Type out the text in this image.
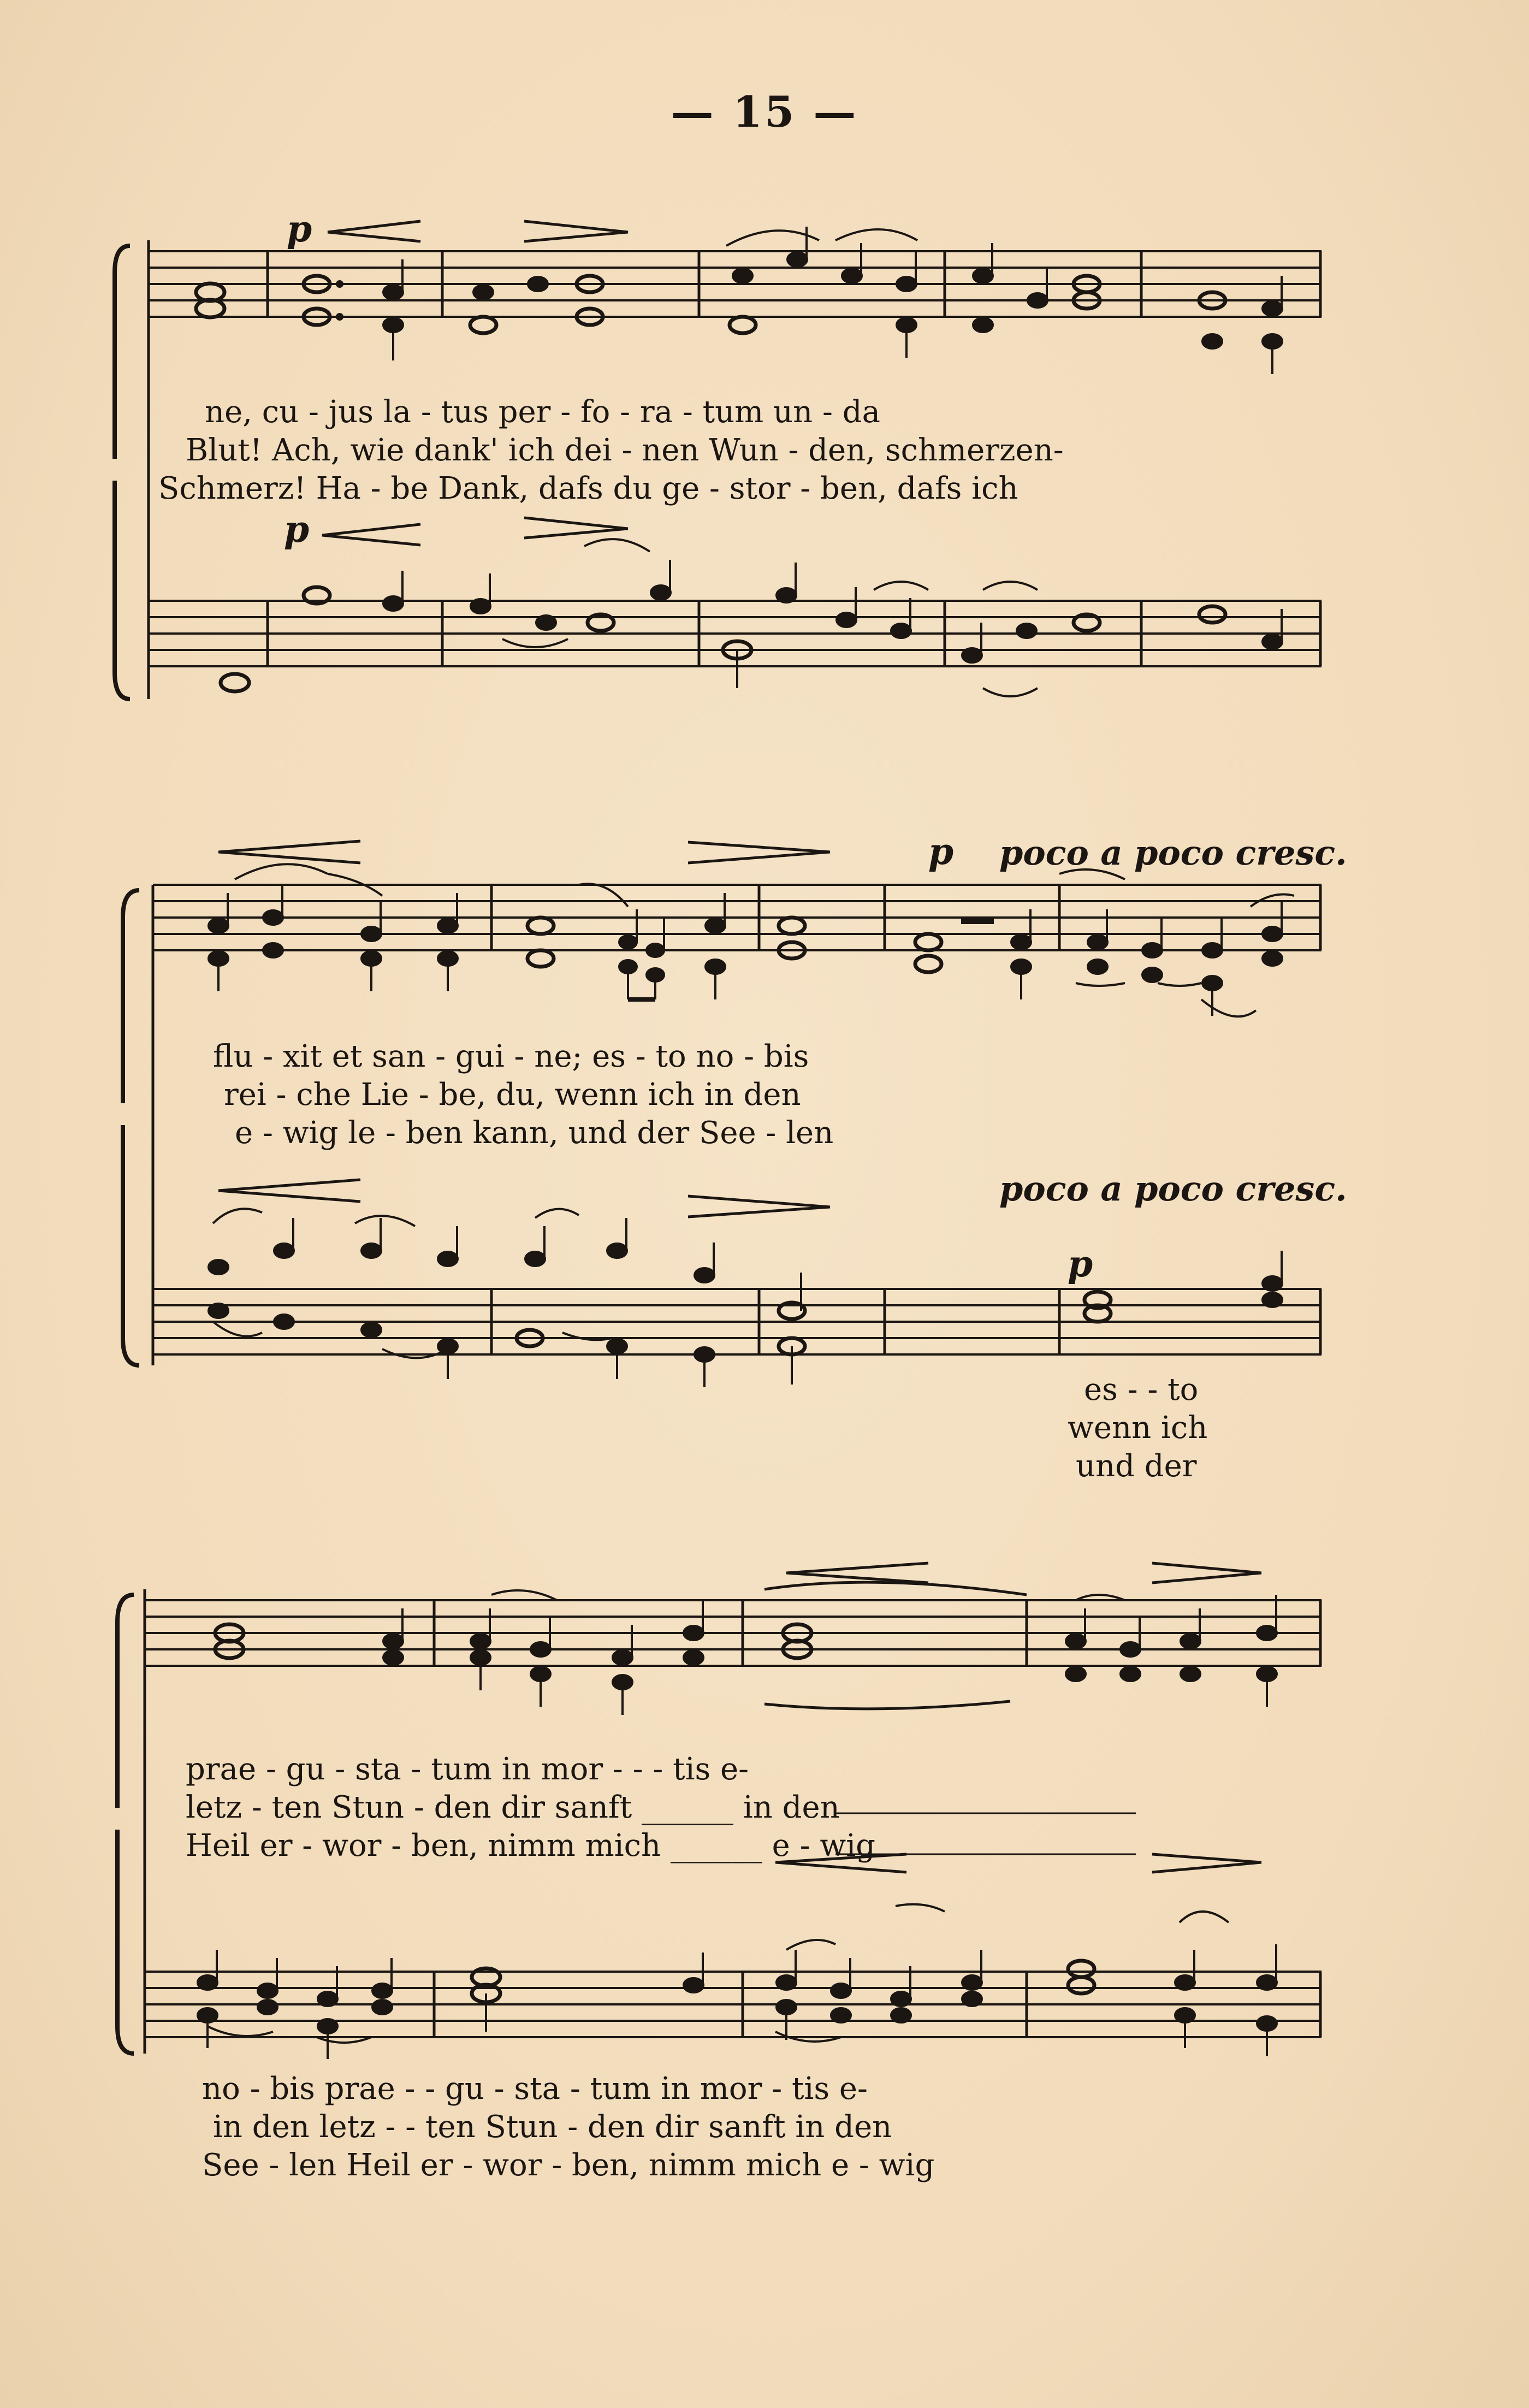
— 15 —
p
p
ne, cu - jus la - tus per - fo - ra - tum un - da
Blut! Ach, wie dank' ich dei - nen Wun - den, schmerzen-
Schmerz! Ha - be Dank, dafs du ge - stor - ben, dafs ich
p poco a poco cresc.
flu - xit et san - gui - ne; es - to no - bis
rei - che Lie - be, du, wenn ich in den
e - wig le - ben kann, und der See - len
poco a poco cresc.
p
es - - to
wenn ich
und der
prae - gu - sta - tum in mor - - - tis e-
letz - ten Stun - den dir sanft ______ in den
Heil er - wor - ben, nimm mich ______ e - wig
no - bis prae - - gu - sta - tum in mor - tis e-
in den letz - - ten Stun - den dir sanft in den
See - len Heil er - wor - ben, nimm mich e - wig
